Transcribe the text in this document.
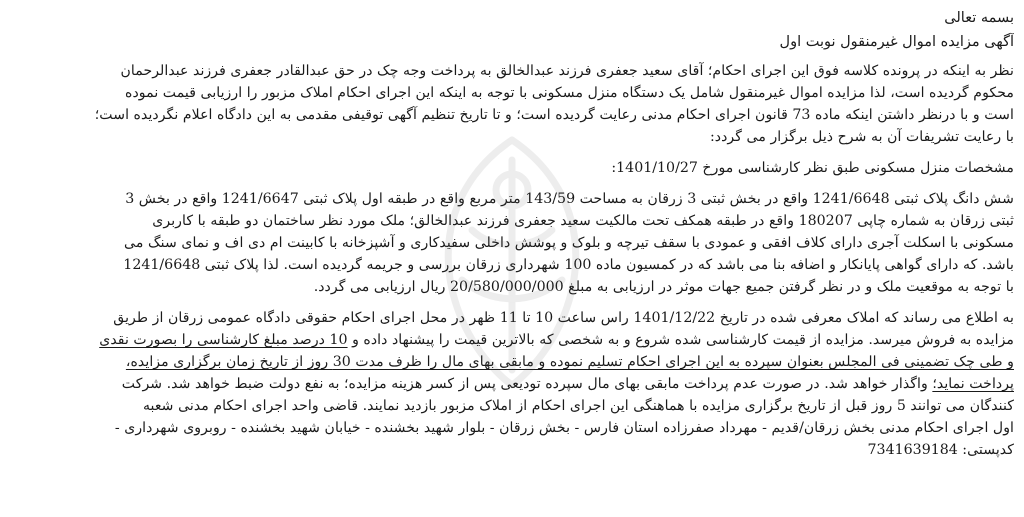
بسمه تعالی
آگهی مزایده اموال غیرمنقول نوبت اول
نظر به اینکه در پرونده کلاسه فوق این اجرای احکام؛ آقای سعید جعفری فرزند عبدالخالق به پرداخت وجه چک در حق عبدالقادر جعفری فرزند عبدالرحمان
محکوم گردیده است، لذا مزایده اموال غیرمنقول شامل یک دستگاه منزل مسکونی با توجه به اینکه این اجرای احکام املاک مزبور را ارزیابی قیمت نموده
است و با درنظر داشتن اینکه ماده 73 قانون اجرای احکام مدنی رعایت گردیده است؛ و تا تاریخ تنظیم آگهی توقیفی مقدمی به این دادگاه اعلام نگردیده است؛
با رعایت تشریفات آن به شرح ذیل برگزار می گردد:
مشخصات منزل مسکونی طبق نظر کارشناسی مورخ 1401/10/27:
شش دانگ پلاک ثبتی 1241/6648 واقع در بخش ثبتی 3 زرقان به مساحت 143/59 متر مربع واقع در طبقه اول پلاک ثبتی 1241/6647 واقع در بخش 3
ثبتی زرقان به شماره چاپی 180207 واقع در طبقه همکف تحت مالکیت سعید جعفری فرزند عبدالخالق؛ ملک مورد نظر ساختمان دو طبقه با کاربری
مسکونی با اسکلت آجری دارای کلاف افقی و عمودی با سقف تیرچه و بلوک و پوشش داخلی سفیدکاری و آشپزخانه با کابینت ام دی اف و نمای سنگ می
باشد. که دارای گواهی پایانکار و اضافه بنا می باشد که در کمسیون ماده 100 شهرداری زرقان بررسی و جریمه گردیده است. لذا پلاک ثبتی 1241/6648
با توجه به موقعیت ملک و در نظر گرفتن جمیع جهات موثر در ارزیابی به مبلغ 20/580/000/000 ریال ارزیابی می گردد.
به اطلاع می رساند که املاک معرفی شده در تاریخ 1401/12/22 راس ساعت 10 تا 11 ظهر در محل اجرای احکام حقوقی دادگاه عمومی زرقان از طریق
مزایده به فروش میرسد. مزایده از قیمت کارشناسی شده شروع و به شخصی که بالاترین قیمت را پیشنهاد داده و 10 درصد مبلغ کارشناسی را بصورت نقدی
و طی چک تضمینی فی المجلس بعنوان سپرده به این اجرای احکام تسلیم نموده و مابقی بهای مال را ظرف مدت 30 روز از تاریخ زمان برگزاری مزایده،
پرداخت نماید؛ واگذار خواهد شد. در صورت عدم پرداخت مابقی بهای مال سپرده تودیعی پس از کسر هزینه مزایده؛ به نفع دولت ضبط خواهد شد. شرکت
کنندگان می توانند 5 روز قبل از تاریخ برگزاری مزایده با هماهنگی این اجرای احکام از املاک مزبور بازدید نمایند. قاضی واحد اجرای احکام مدنی شعبه
اول اجرای احکام مدنی بخش زرقان/قدیم - مهرداد صفرزاده استان فارس - بخش زرقان - بلوار شهید بخشنده - خیابان شهید بخشنده - روبروی شهرداری -
کدپستی: 7341639184
